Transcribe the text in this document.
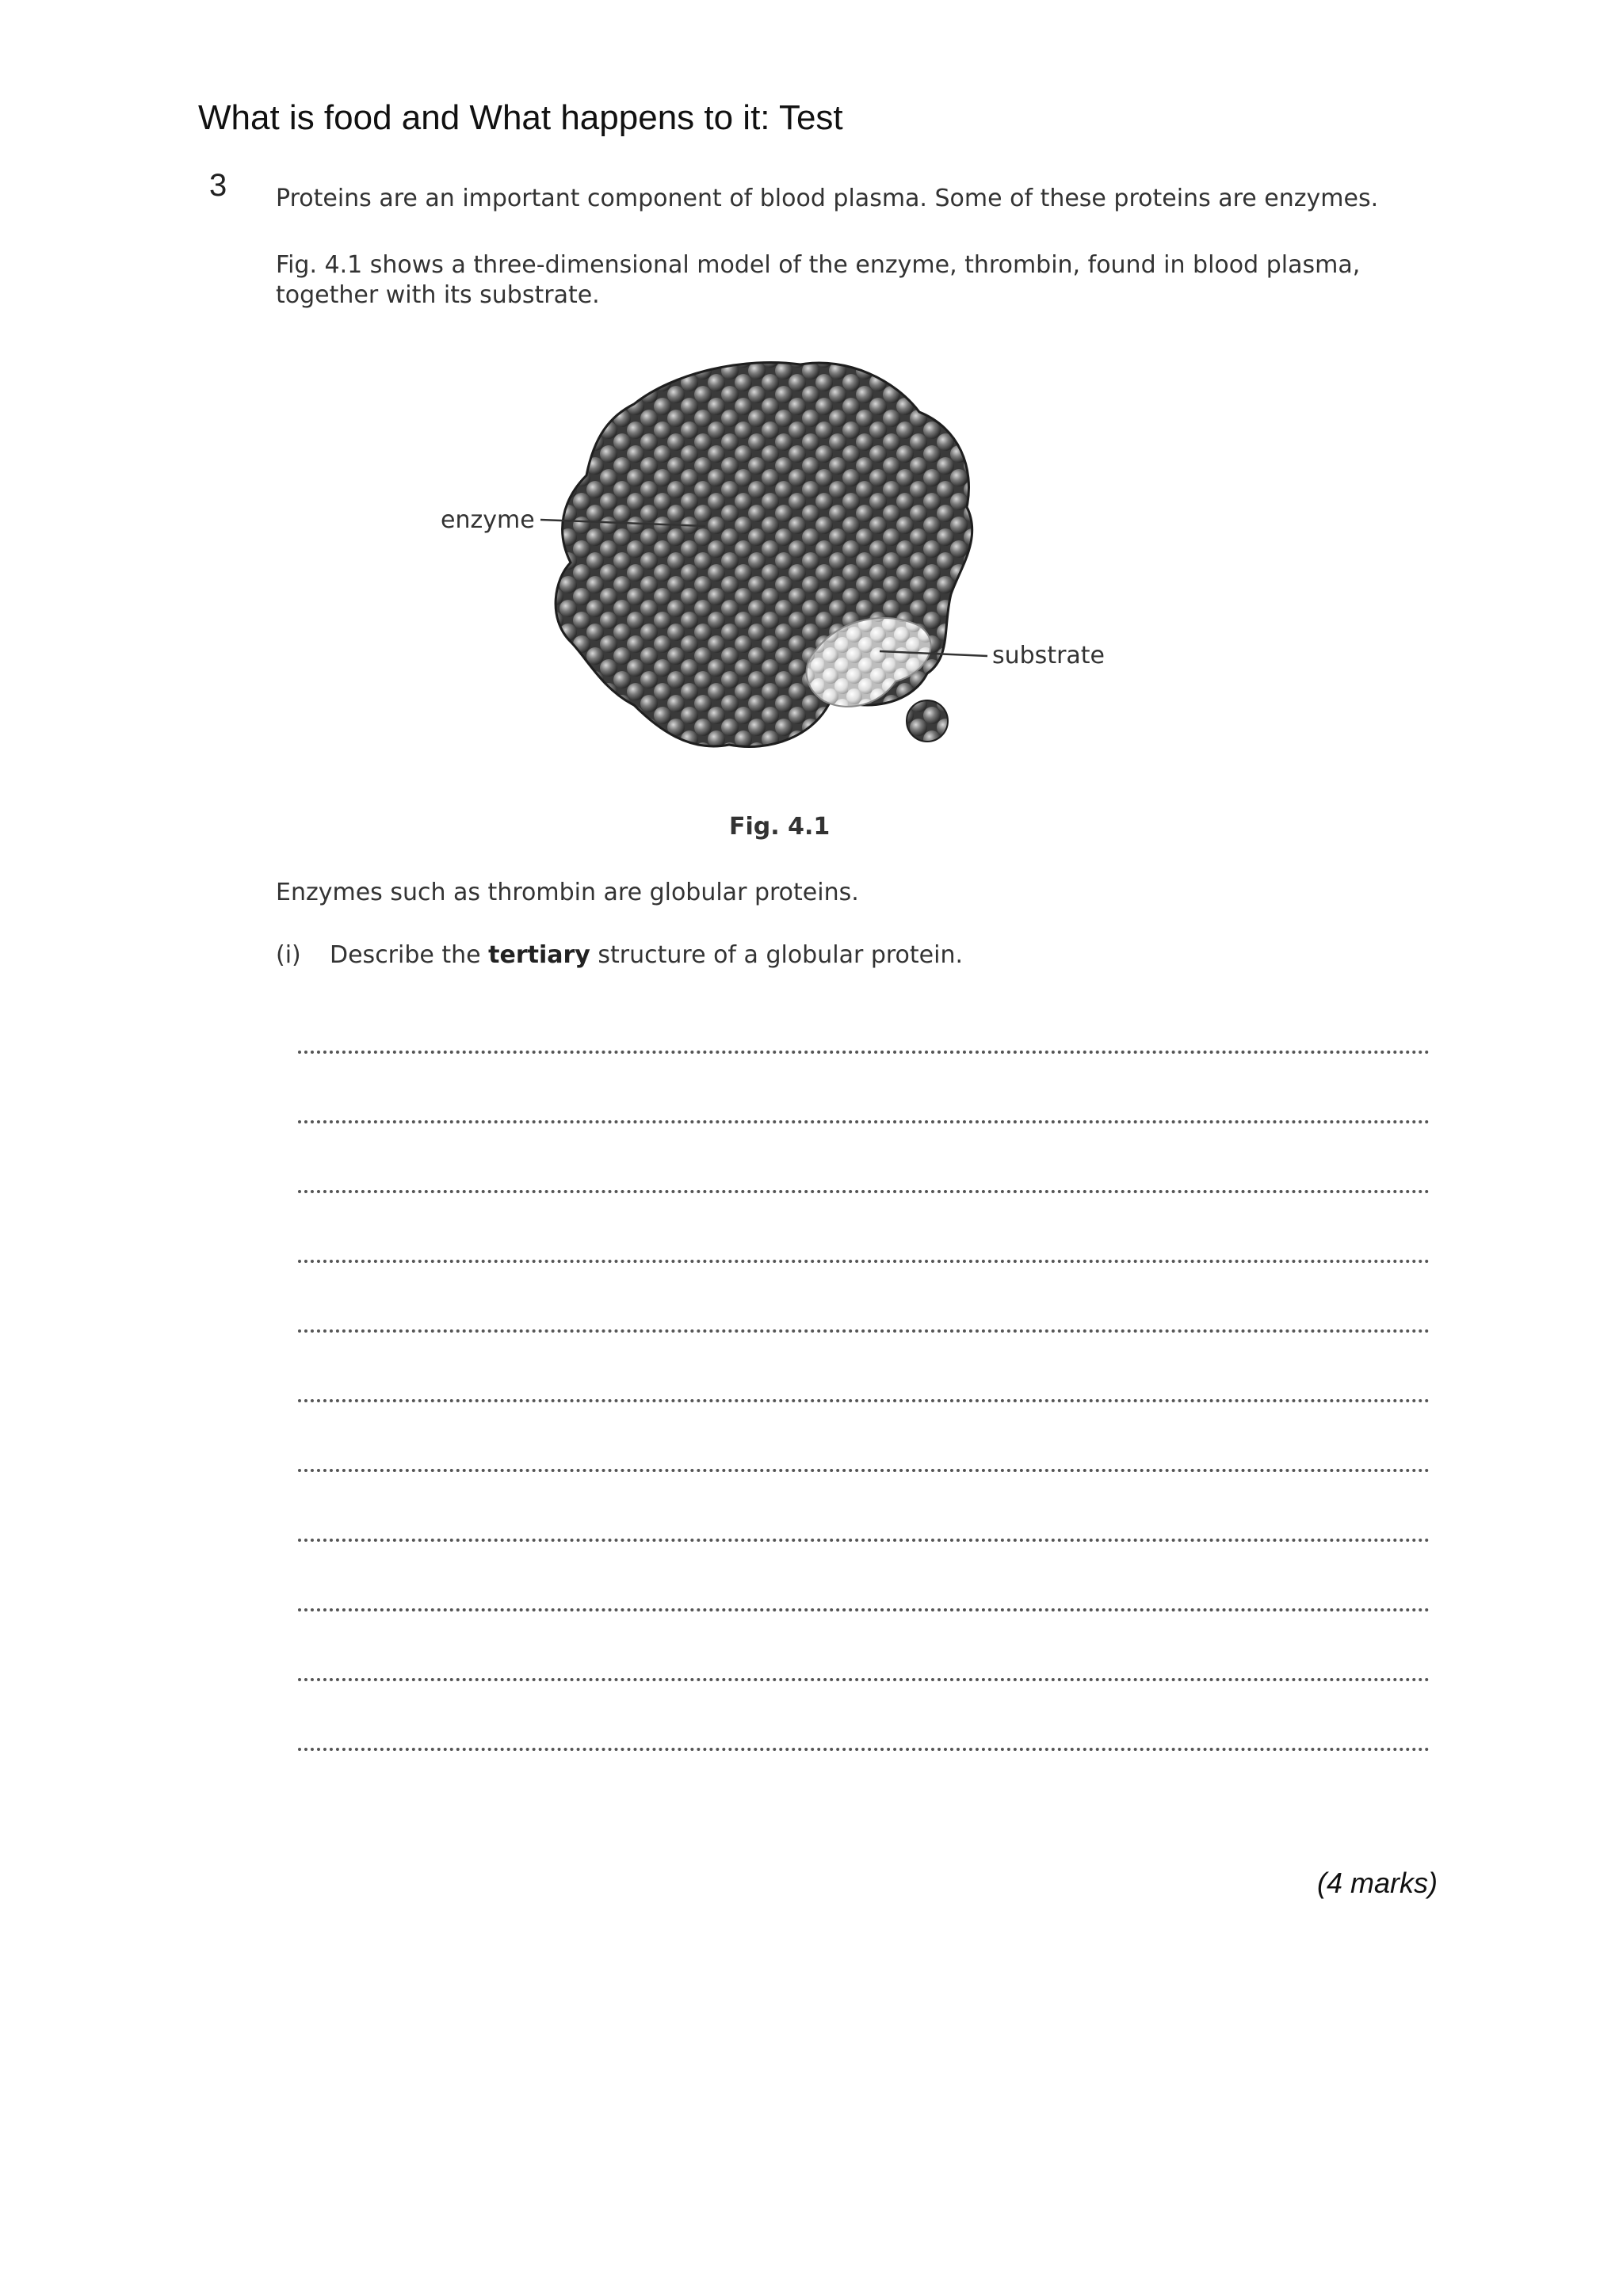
What is food and What happens to it: Test
3 Proteins are an important component of blood plasma. Some of these proteins are enzymes.
Fig. 4.1 shows a three-dimensional model of the enzyme, thrombin, found in blood plasma,
together with its substrate.
enzyme
substrate
Fig. 4.1
Enzymes such as thrombin are globular proteins.
(i) Describe the tertiary structure of a globular protein.
(4 marks)
